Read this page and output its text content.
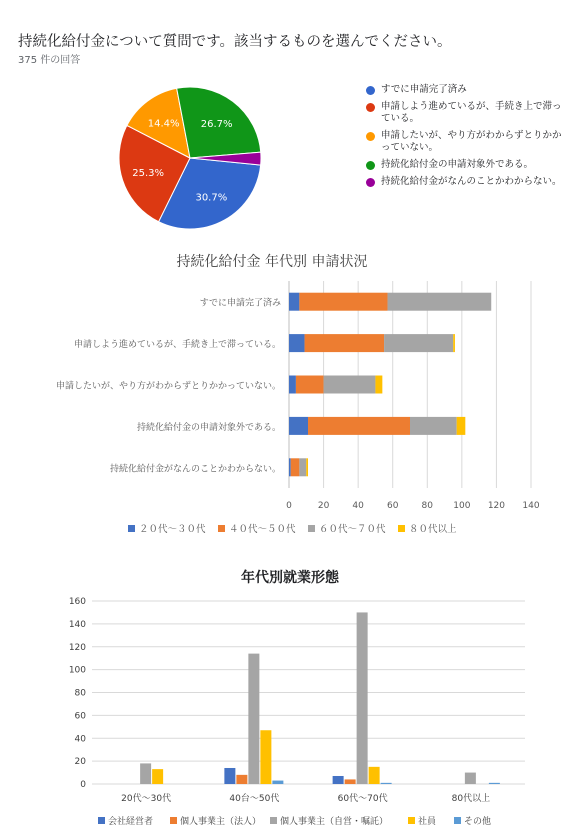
持続化給付金について質問です。該当するものを選んでください。
375 件の回答
30.7%
25.3%
14.4% 26.7%
持続化給付金 年代別 申請状況
0	20	40	60	80 100 120 140
すでに申請完了済み
申請しよう進めているが、手続き上で滞っている。
申請したいが、やり方がわからずとりかかっていない。
持続化給付金の申請対象外である。
持続化給付金がなんのことかわからない。
２０代～３０代 ４０代～５０代 ６０代～７０代 ８０代以上
年代別就業形態
0
20
40
60
80
100
120
140
160
20代～30代	40台～50代	60代～70代	80代以上
会社経営者	個人事業主（法人） 個人事業主（自営・嘱託）	社員	その他
すでに申請完了済み
申請しよう進めているが、手続き上で滞っている。
申請したいが、やり方がわからずとりかかっていない。
持続化給付金の申請対象外である。
持続化給付金がなんのことかわからない。
